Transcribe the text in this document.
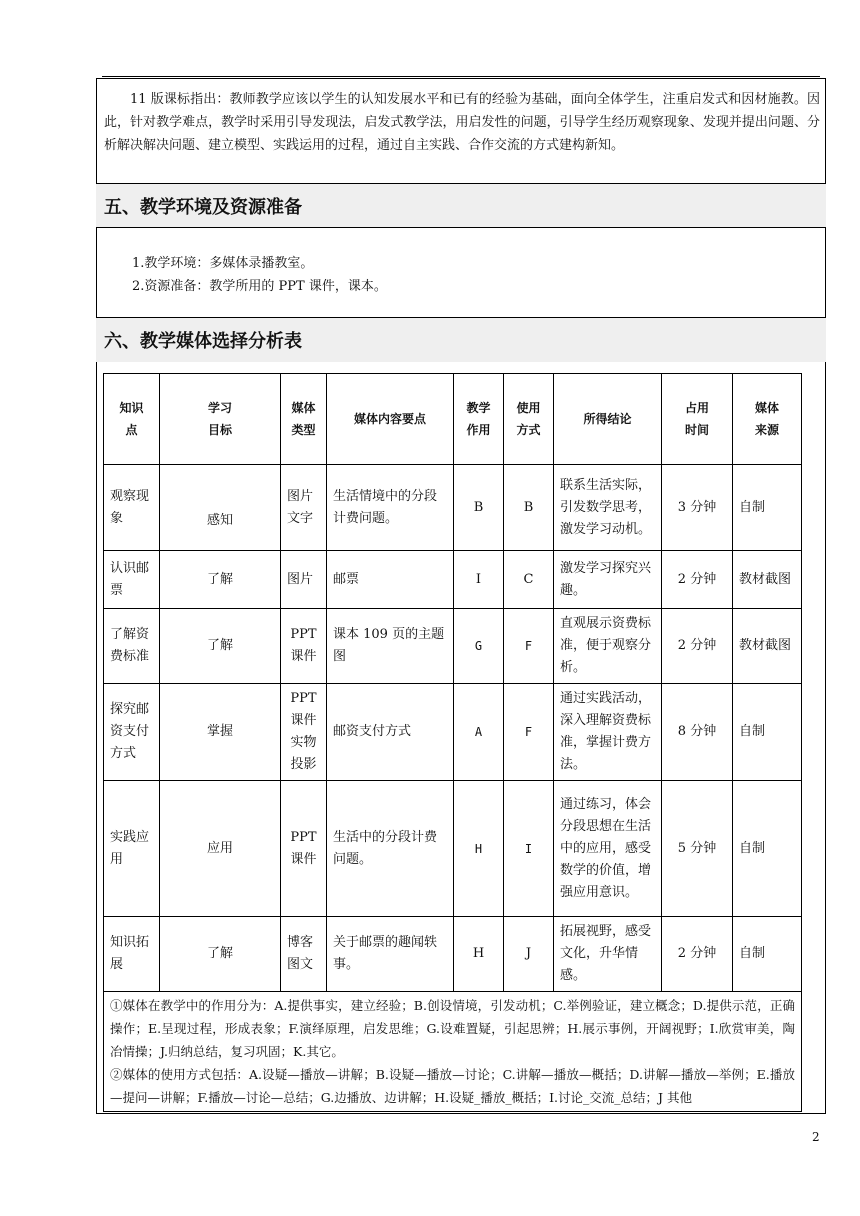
  11 版课标指出：教师教学应该以学生的认知发展水平和已有的经验为基础，面向全体学生，注重启发式和因材施教。因此，针对教学难点，教学时采用引导发现法，启发式教学法，用启发性的问题，引导学生经历观察现象、发现并提出问题、分析解决解决问题、建立模型、实践运用的过程，通过自主实践、合作交流的方式建构新知。
五、教学环境及资源准备
1.教学环境：多媒体录播教室。
2.资源准备：教学所用的 PPT 课件，课本。
六、教学媒体选择分析表
知识点	学习目标	媒体类型	媒体内容要点	教学作用	使用方式	所得结论	占用时间	媒体来源
观察现象	感知	图片文字	生活情境中的分段计费问题。	B	B	联系生活实际，引发数学思考，激发学习动机。	3 分钟	自制
认识邮票	了解	图片	邮票	I	C	激发学习探究兴趣。	2 分钟	教材截图
了解资费标准	了解	PPT 课件	课本 109 页的主题图	G	F	直观展示资费标准，便于观察分析。	2 分钟	教材截图
探究邮资支付方式	掌握	PPT 课件实物投影	邮资支付方式	A	F	通过实践活动，深入理解资费标准，掌握计费方法。	8 分钟	自制
实践应用	应用	PPT 课件	生活中的分段计费问题。	H	I	通过练习，体会分段思想在生活中的应用，感受数学的价值，增强应用意识。	5 分钟	自制
知识拓展	了解	博客图文	关于邮票的趣闻轶事。	H	J	拓展视野，感受文化，升华情感。	2 分钟	自制

①媒体在教学中的作用分为：A.提供事实，建立经验；B.创设情境，引发动机；C.举例验证，建立概念；D.提供示范，正确操作；E.呈现过程，形成表象；F.演绎原理，启发思维；G.设难置疑，引起思辨；H.展示事例，开阔视野；I.欣赏审美，陶冶情操；J.归纳总结，复习巩固；K.其它。
②媒体的使用方式包括：A.设疑—播放—讲解；B.设疑—播放—讨论；C.讲解—播放—概括；D.讲解—播放—举例；E.播放—提问—讲解；F.播放—讨论—总结；G.边播放、边讲解；H.设疑_播放_概括；I.讨论_交流_总结；J 其他								
2
